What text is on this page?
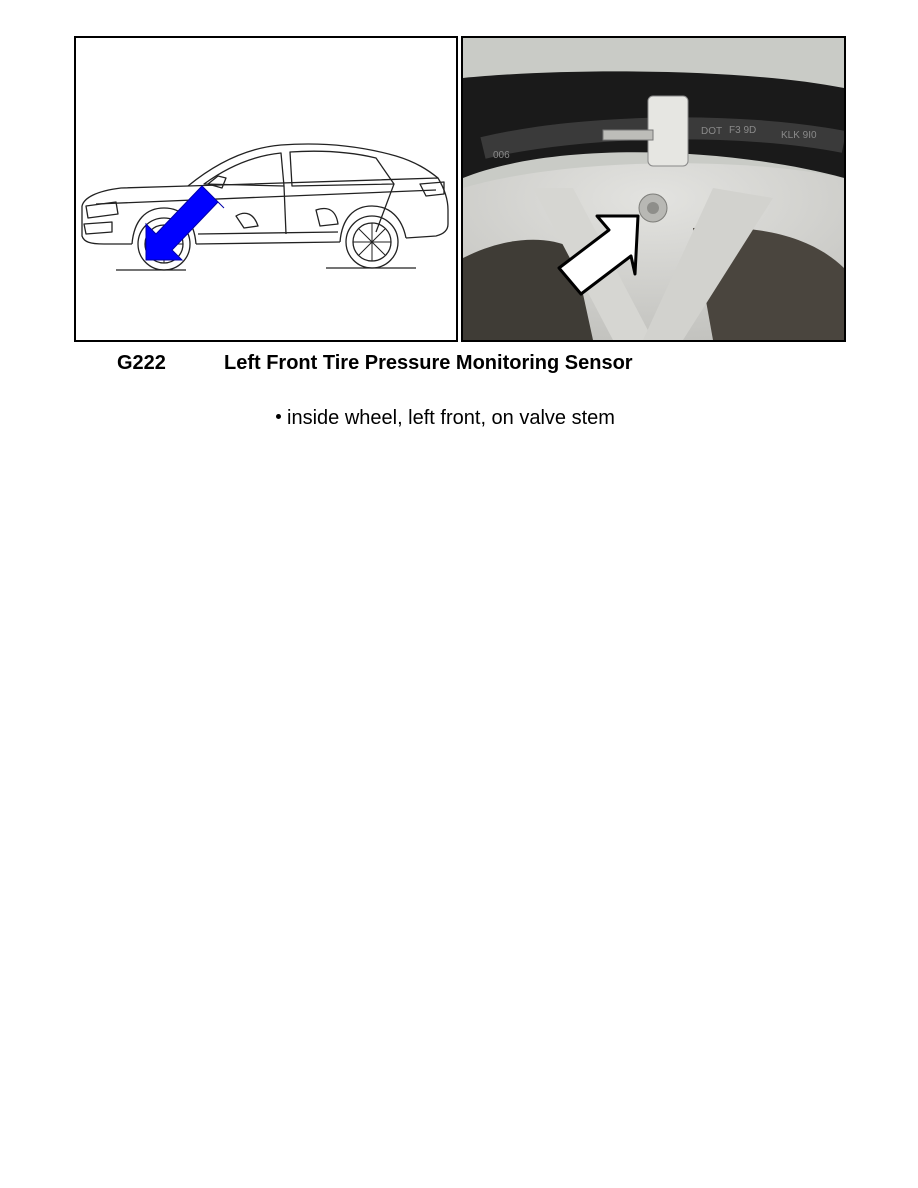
006
DOT F3 9D KLK 9I0
G222	Left Front Tire Pressure Monitoring Sensor
inside wheel, left front, on valve stem
